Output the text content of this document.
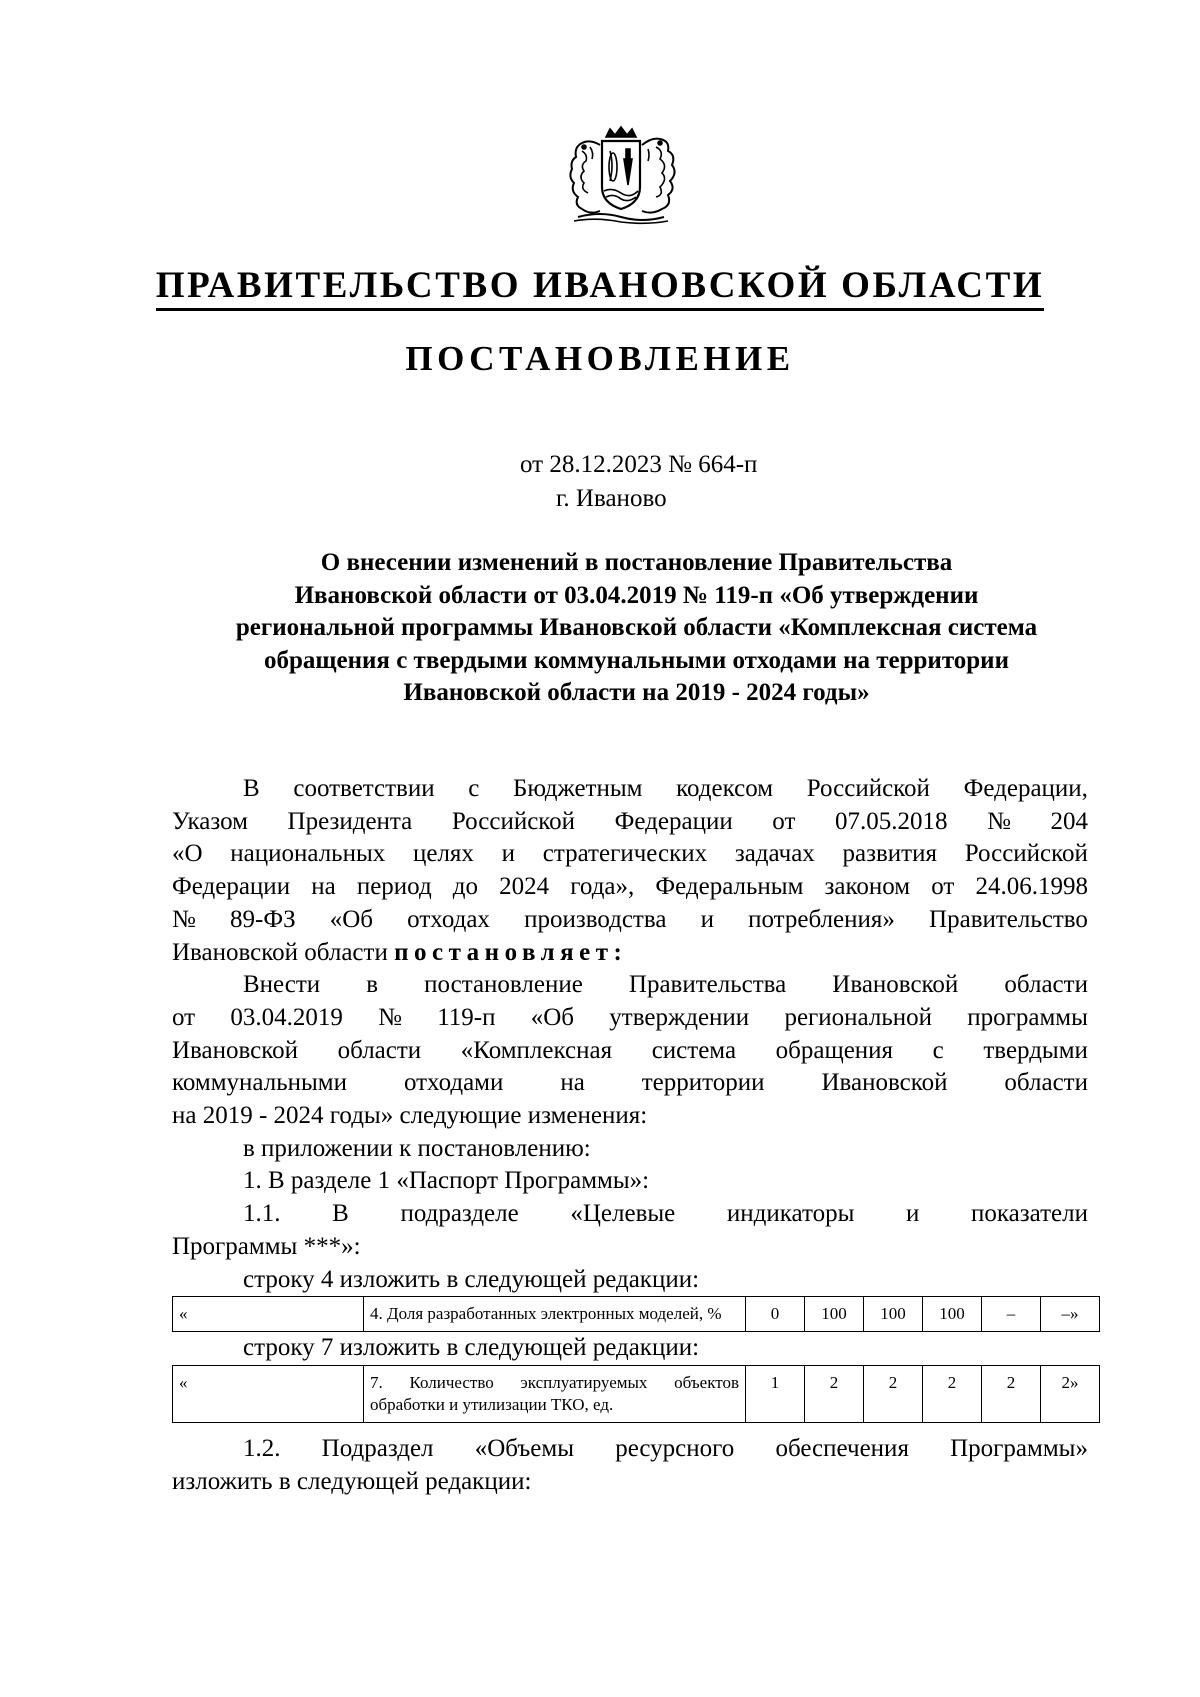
ПРАВИТЕЛЬСТВО ИВАНОВСКОЙ ОБЛАСТИ
ПОСТАНОВЛЕНИЕ
от 28.12.2023 № 664-п
г. Иваново
О внесении изменений в постановление Правительства
Ивановской области от 03.04.2019 № 119-п «Об утверждении
региональной программы Ивановской области «Комплексная система
обращения с твердыми коммунальными отходами на территории
Ивановской области на 2019 - 2024 годы»
В соответствии с Бюджетным кодексом Российской Федерации,
Указом Президента Российской Федерации от 07.05.2018 № 204
«О национальных целях и стратегических задачах развития Российской
Федерации на период до 2024 года», Федеральным законом от 24.06.1998
№ 89-ФЗ «Об отходах производства и потребления» Правительство
Ивановской области постановляет:
Внести в постановление Правительства Ивановской области
от 03.04.2019 № 119-п «Об утверждении региональной программы
Ивановской области «Комплексная система обращения с твердыми
коммунальными отходами на территории Ивановской области
на 2019 - 2024 годы» следующие изменения:
в приложении к постановлению:
1. В разделе 1 «Паспорт Программы»:
1.1. В подразделе «Целевые индикаторы и показатели
Программы ***»:
строку 4 изложить в следующей редакции:
«	4. Доля разработанных электронных моделей, %	0	100	100	100	–	–»
строку 7 изложить в следующей редакции:
«	7. Количество эксплуатируемых объектов обработки и утилизации ТКО, ед.	1	2	2	2	2	2»
1.2. Подраздел «Объемы ресурсного обеспечения Программы»
изложить в следующей редакции:
